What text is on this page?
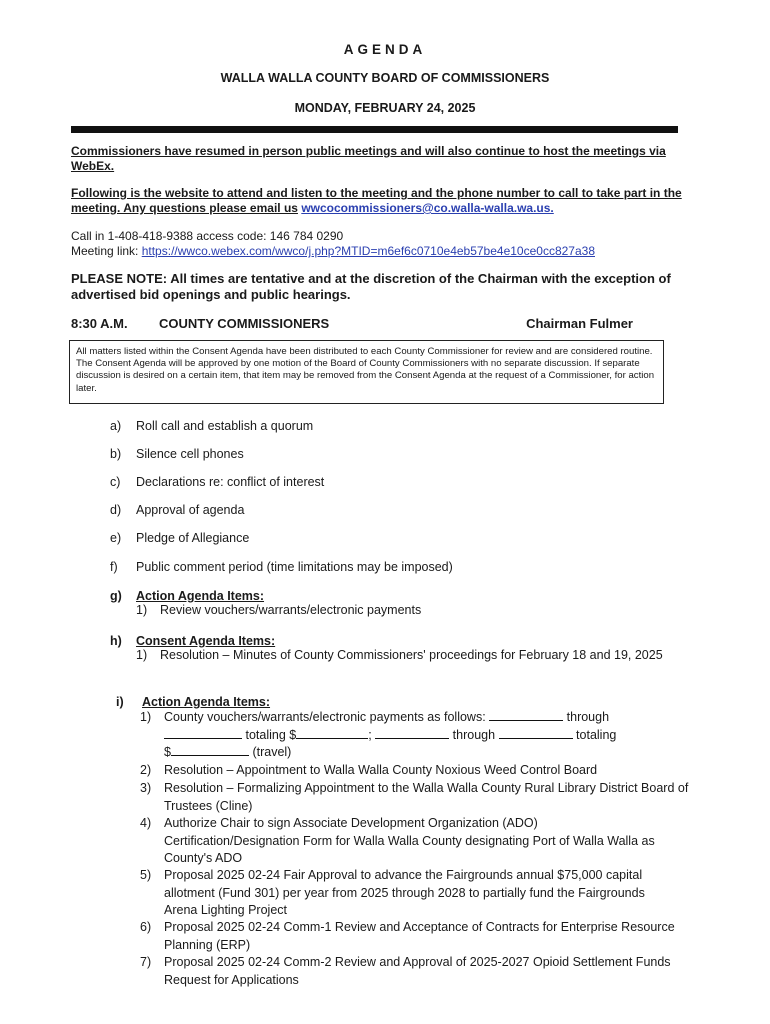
AGENDA
WALLA WALLA COUNTY BOARD OF COMMISSIONERS
MONDAY, FEBRUARY 24, 2025
Commissioners have resumed in person public meetings and will also continue to host the meetings via WebEx.
Following is the website to attend and listen to the meeting and the phone number to call to take part in the meeting. Any questions please email us wwcocommissioners@co.walla-walla.wa.us.
Call in 1-408-418-9388 access code: 146 784 0290
Meeting link: https://wwco.webex.com/wwco/j.php?MTID=m6ef6c0710e4eb57be4e10ce0cc827a38
PLEASE NOTE: All times are tentative and at the discretion of the Chairman with the exception of advertised bid openings and public hearings.
8:30 A.M. COUNTY COMMISSIONERS	Chairman Fulmer
All matters listed within the Consent Agenda have been distributed to each County Commissioner for review and are considered routine. The Consent Agenda will be approved by one motion of the Board of County Commissioners with no separate discussion. If separate discussion is desired on a certain item, that item may be removed from the Consent Agenda at the request of a Commissioner, for action later.
a)	Roll call and establish a quorum
b)	Silence cell phones
c)	Declarations re: conflict of interest
d)	Approval of agenda
e)	Pledge of Allegiance
f)	Public comment period (time limitations may be imposed)
g)	Action Agenda Items:
1)	Review vouchers/warrants/electronic payments
h)	Consent Agenda Items:
1)	Resolution – Minutes of County Commissioners' proceedings for February 18 and 19, 2025
i)	Action Agenda Items:
1)	County vouchers/warrants/electronic payments as follows:	through
totaling $	;	through	totaling
$	(travel)
2)	Resolution – Appointment to Walla Walla County Noxious Weed Control Board
3)	Resolution – Formalizing Appointment to the Walla Walla County Rural Library District Board of Trustees (Cline)
4)	Authorize Chair to sign Associate Development Organization (ADO) Certification/Designation Form for Walla Walla County designating Port of Walla Walla as County's ADO
5)	Proposal 2025 02-24 Fair Approval to advance the Fairgrounds annual $75,000 capital allotment (Fund 301) per year from 2025 through 2028 to partially fund the Fairgrounds Arena Lighting Project
6)	Proposal 2025 02-24 Comm-1 Review and Acceptance of Contracts for Enterprise Resource Planning (ERP)
7)	Proposal 2025 02-24 Comm-2 Review and Approval of 2025-2027 Opioid Settlement Funds Request for Applications
